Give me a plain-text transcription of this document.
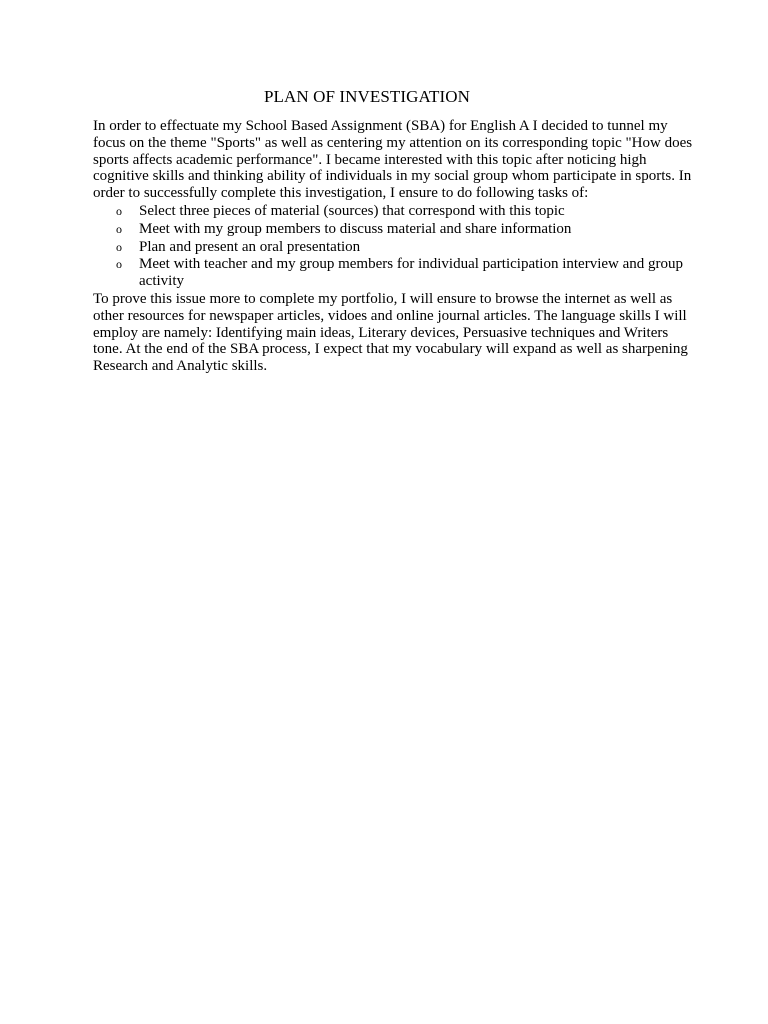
PLAN OF INVESTIGATION

In order to effectuate my School Based Assignment (SBA) for English A I decided to tunnel my focus on the theme "Sports" as well as centering my attention on its corresponding topic "How does sports affects academic performance". I became interested with this topic after noticing high cognitive skills and thinking ability of individuals in my social group whom participate in sports. In order to successfully complete this investigation, I ensure to do following tasks of:

o Select three pieces of material (sources) that correspond with this topic
o Meet with my group members to discuss material and share information
o Plan and present an oral presentation
o Meet with teacher and my group members for individual participation interview and group activity

To prove this issue more to complete my portfolio, I will ensure to browse the internet as well as other resources for newspaper articles, vidoes and online journal articles. The language skills I will employ are namely: Identifying main ideas, Literary devices, Persuasive techniques and Writers tone. At the end of the SBA process, I expect that my vocabulary will expand as well as sharpening Research and Analytic skills.
